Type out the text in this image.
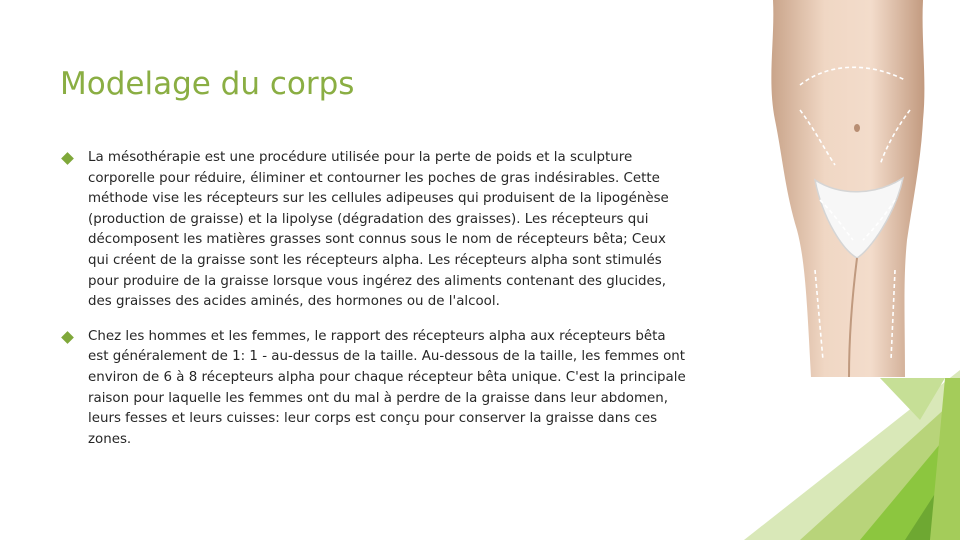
Modelage du corps
La mésothérapie est une procédure utilisée pour la perte de poids et la sculpture corporelle pour réduire, éliminer et contourner les poches de gras indésirables. Cette méthode vise les récepteurs sur les cellules adipeuses qui produisent de la lipogénèse (production de graisse) et la lipolyse (dégradation des graisses). Les récepteurs qui décomposent les matières grasses sont connus sous le nom de récepteurs bêta; Ceux qui créent de la graisse sont les récepteurs alpha. Les récepteurs alpha sont stimulés pour produire de la graisse lorsque vous ingérez des aliments contenant des glucides, des graisses des acides aminés, des hormones ou de l'alcool.
Chez les hommes et les femmes, le rapport des récepteurs alpha aux récepteurs bêta est généralement de 1: 1 - au-dessus de la taille. Au-dessous de la taille, les femmes ont environ de 6 à 8 récepteurs alpha pour chaque récepteur bêta unique. C'est la principale raison pour laquelle les femmes ont du mal à perdre de la graisse dans leur abdomen, leurs fesses et leurs cuisses: leur corps est conçu pour conserver la graisse dans ces zones.
